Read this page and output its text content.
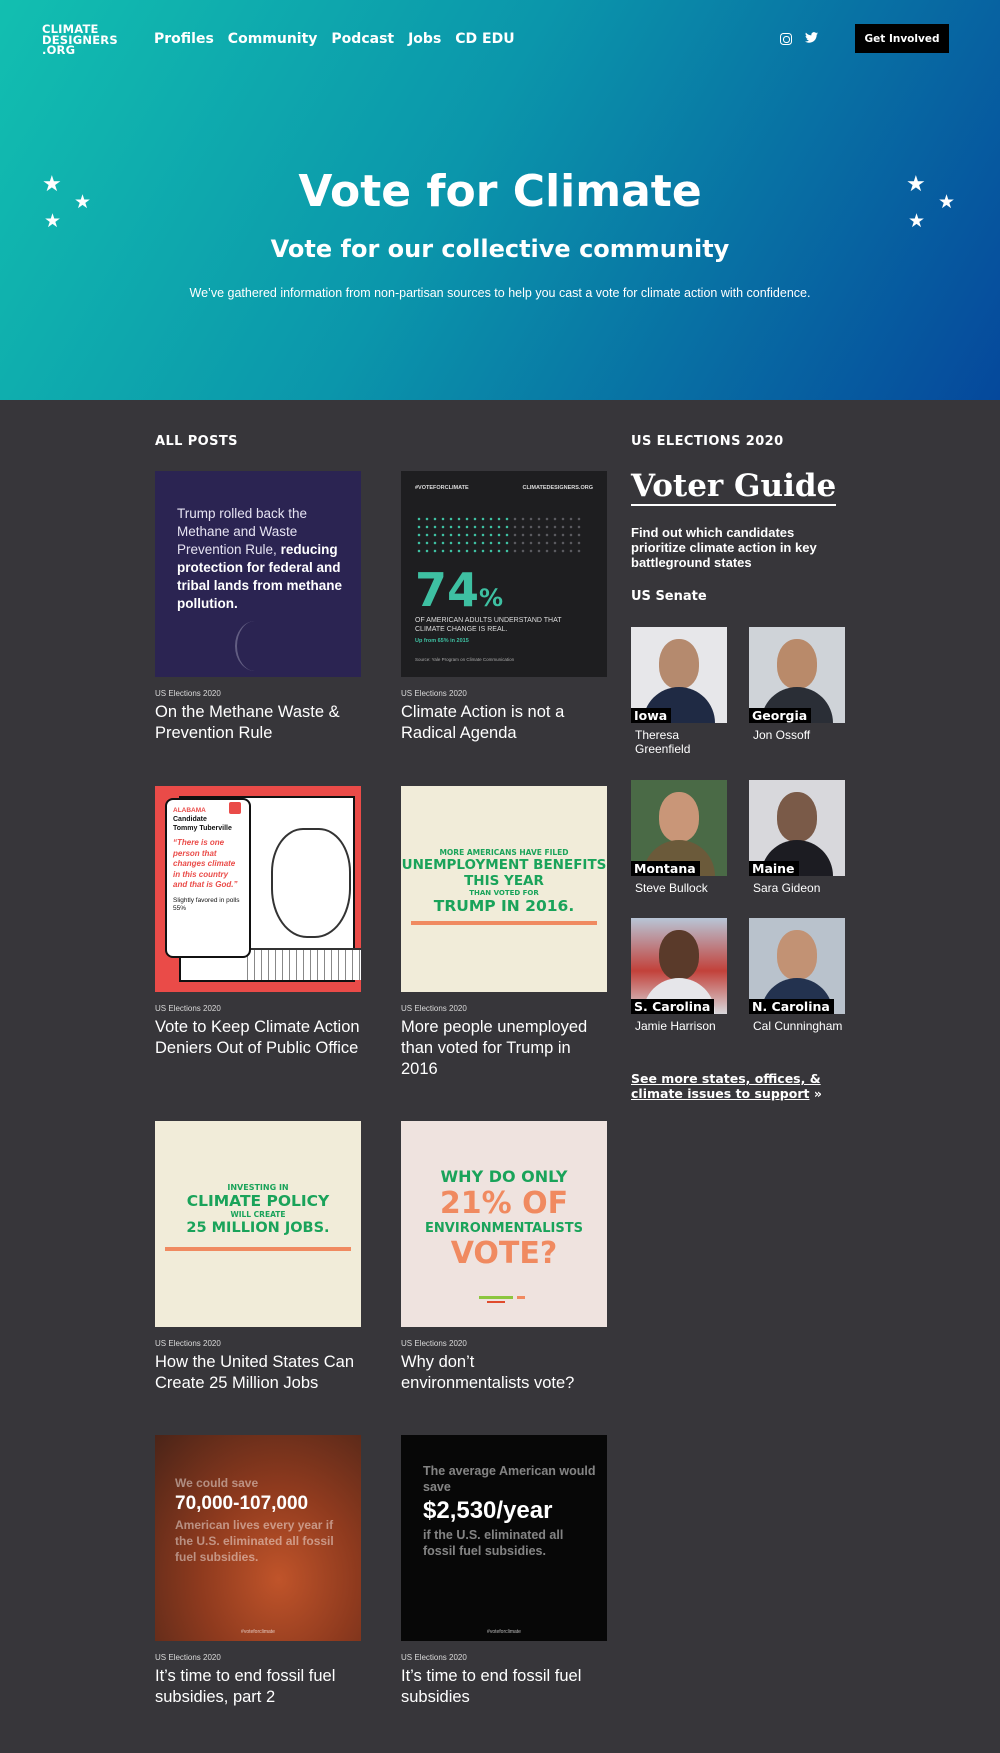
CLIMATE
DESIGNERS
.ORG
Profiles Community Podcast Jobs CD EDU	Get Involved
★
★
★
★
★
★
Vote for Climate
Vote for our collective community

We’ve gathered information from non-partisan sources to help you cast a vote for climate action with confidence.

ALL POSTS
Trump rolled back the Methane and Waste Prevention Rule, reducing protection for federal and tribal lands from methane pollution.
US Elections 2020
On the Methane Waste & Prevention Rule
#VOTEFORCLIMATE	CLIMATEDESIGNERS.ORG
74%
OF AMERICAN ADULTS UNDERSTAND THAT CLIMATE CHANGE IS REAL.
Up from 65% in 2015
Source: Yale Program on Climate Communication
US Elections 2020
Climate Action is not a Radical Agenda
ALABAMA
Candidate
Tommy Tuberville
“There is one person that changes climate in this country and that is God.”
Slightly favored in polls 55%
US Elections 2020
Vote to Keep Climate Action Deniers Out of Public Office
MORE AMERICANS HAVE FILED
UNEMPLOYMENT BENEFITS THIS YEAR
THAN VOTED FOR
TRUMP IN 2016.
US Elections 2020
More people unemployed than voted for Trump in 2016
INVESTING IN
CLIMATE POLICY
WILL CREATE
25 MILLION JOBS.
US Elections 2020
How the United States Can Create 25 Million Jobs
WHY DO ONLY
21% OF
ENVIRONMENTALISTS
VOTE?
US Elections 2020
Why don’t environmentalists vote?
We could save
70,000-107,000
American lives every year if the U.S. eliminated all fossil fuel subsidies.
#voteforclimate
US Elections 2020
It’s time to end fossil fuel subsidies, part 2
The average American would save
$2,530/year
if the U.S. eliminated all fossil fuel subsidies.
#voteforclimate
US Elections 2020
It’s time to end fossil fuel subsidies
US ELECTIONS 2020
Voter Guide
Find out which candidates prioritize climate action in key battleground states
US Senate
Iowa
Theresa Greenfield
Georgia
Jon Ossoff
Montana
Steve Bullock
Maine
Sara Gideon
S. Carolina
Jamie Harrison
N. Carolina
Cal Cunningham
See more states, offices, & climate issues to support »
